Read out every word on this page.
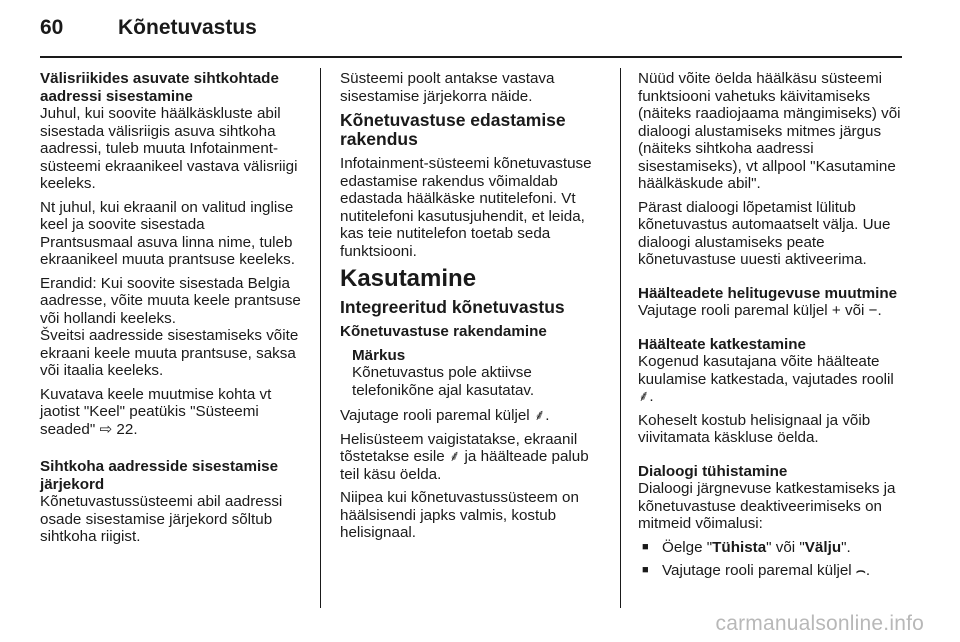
60	Kõnetuvastus

Välisriikides asuvate sihtkohtade aadressi sisestamine

Juhul, kui soovite häälkäskluste abil sisestada välisriigis asuva sihtkoha aadressi, tuleb muuta Infotainment-süsteemi ekraanikeel vastava välisriigi keeleks.

Nt juhul, kui ekraanil on valitud inglise keel ja soovite sisestada

Prantsusmaal asuva linna nime, tuleb ekraanikeel muuta prantsuse keeleks.

Erandid: Kui soovite sisestada Belgia aadresse, võite muuta keele prantsuse või hollandi keeleks.

Šveitsi aadresside sisestamiseks võite ekraani keele muuta prantsuse, saksa või itaalia keeleks.

Kuvatava keele muutmise kohta vt jaotist "Keel" peatükis "Süsteemi seaded" ⇨ 22.

Sihtkoha aadresside sisestamise järjekord

Kõnetuvastussüsteemi abil aadressi osade sisestamise järjekord sõltub sihtkoha riigist.

Süsteemi poolt antakse vastava sisestamise järjekorra näide.

Kõnetuvastuse edastamise rakendus

Infotainment-süsteemi kõnetuvastuse edastamise rakendus võimaldab edastada häälkäske nutitelefoni. Vt nutitelefoni kasutusjuhendit, et leida, kas teie nutitelefon toetab seda funktsiooni.

Kasutamine

Integreeritud kõnetuvastus

Kõnetuvastuse rakendamine

Märkus
Kõnetuvastus pole aktiivse telefonikõne ajal kasutatav.

Vajutage rooli paremal küljel ⸙.

Helisüsteem vaigistatakse, ekraanil tõstetakse esile ⸙ ja häälteade palub teil käsu öelda.

Niipea kui kõnetuvastussüsteem on häälsisendi japks valmis, kostub helisignaal.

Nüüd võite öelda häälkäsu süsteemi funktsiooni vahetuks käivitamiseks (näiteks raadiojaama mängimiseks) või dialoogi alustamiseks mitmes järgus (näiteks sihtkoha aadressi sisestamiseks), vt allpool "Kasutamine häälkäskude abil".

Pärast dialoogi lõpetamist lülitub kõnetuvastus automaatselt välja. Uue dialoogi alustamiseks peate kõnetuvastuse uuesti aktiveerima.

Häälteadete helitugevuse muutmine

Vajutage rooli paremal küljel + või −.

Häälteate katkestamine

Kogenud kasutajana võite häälteate kuulamise katkestada, vajutades roolil ⸙.

Koheselt kostub helisignaal ja võib viivitamata käskluse öelda.

Dialoogi tühistamine

Dialoogi järgnevuse katkestamiseks ja kõnetuvastuse deaktiveerimiseks on mitmeid võimalusi:

■ Öelge "Tühista" või "Välju".
■ Vajutage rooli paremal küljel ⌢.
carmanualsonline.info
